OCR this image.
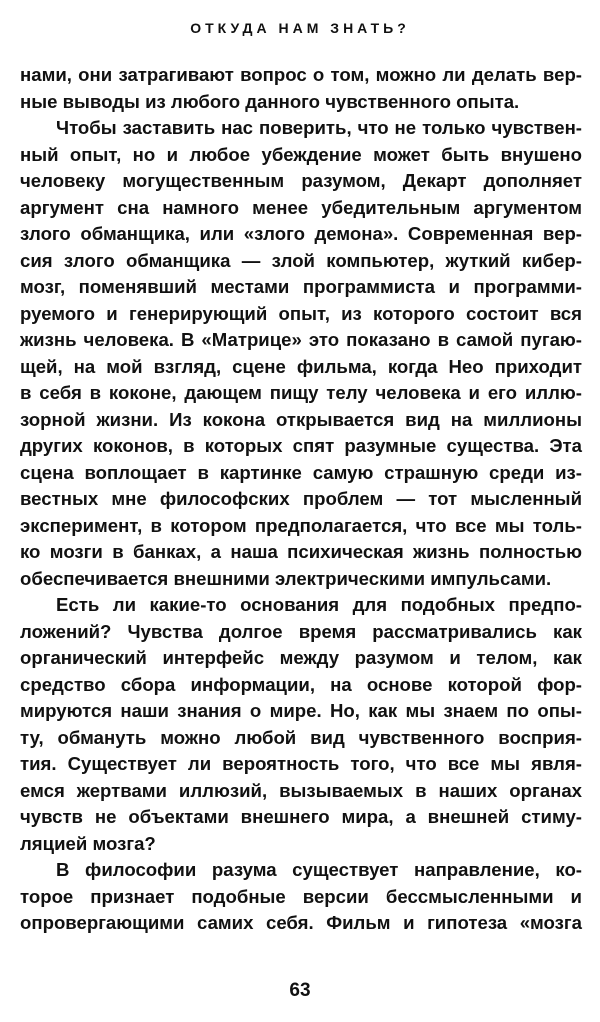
ОТКУДА НАМ ЗНАТЬ?
нами, они затрагивают вопрос о том, можно ли делать вер-
ные выводы из любого данного чувственного опыта.
Чтобы заставить нас поверить, что не только чувствен-
ный опыт, но и любое убеждение может быть внушено
человеку могущественным разумом, Декарт дополняет
аргумент сна намного менее убедительным аргументом
злого обманщика, или «злого демона». Современная вер-
сия злого обманщика — злой компьютер, жуткий кибер-
мозг, поменявший местами программиста и программи-
руемого и генерирующий опыт, из которого состоит вся
жизнь человека. В «Матрице» это показано в самой пугаю-
щей, на мой взгляд, сцене фильма, когда Нео приходит
в себя в коконе, дающем пищу телу человека и его иллю-
зорной жизни. Из кокона открывается вид на миллионы
других коконов, в которых спят разумные существа. Эта
сцена воплощает в картинке самую страшную среди из-
вестных мне философских проблем — тот мысленный
эксперимент, в котором предполагается, что все мы толь-
ко мозги в банках, а наша психическая жизнь полностью
обеспечивается внешними электрическими импульсами.
Есть ли какие-то основания для подобных предпо-
ложений? Чувства долгое время рассматривались как
органический интерфейс между разумом и телом, как
средство сбора информации, на основе которой фор-
мируются наши знания о мире. Но, как мы знаем по опы-
ту, обмануть можно любой вид чувственного восприя-
тия. Существует ли вероятность того, что все мы явля-
емся жертвами иллюзий, вызываемых в наших органах
чувств не объектами внешнего мира, а внешней стиму-
ляцией мозга?
В философии разума существует направление, ко-
торое признает подобные версии бессмысленными и
опровергающими самих себя. Фильм и гипотеза «мозга
63
